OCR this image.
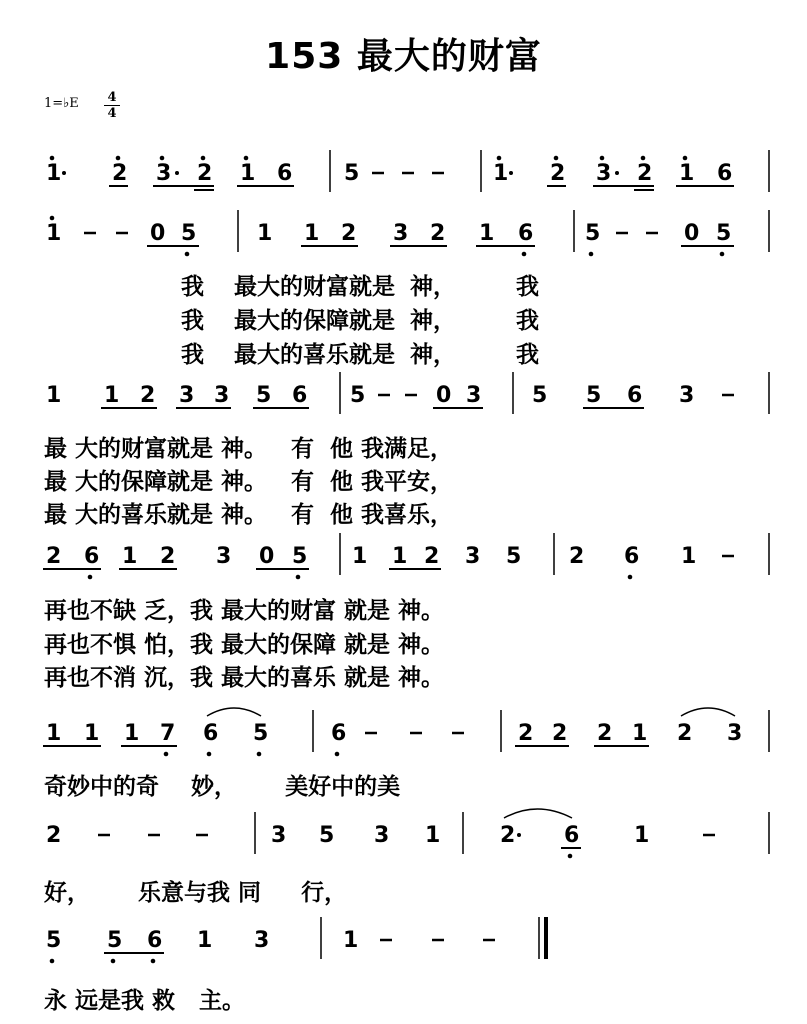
153 最大的财富
1=♭E $\frac{4}{4}$
1 2 3 2 1 6 5	1 2 3 2 1 6
1	0 5	1 1 2 3 2 1 6 5	0 5
1 1 2 3 3 5 6 5	0 3 5 5 6 3
2 6 1 2 3 0 5 1 1 2 3 5 2 6 1
1 1 1 7 6 5	6	2 2 2 1 2 3
2	3 5 3 1	2 6 1
5 5 6 1 3	1
我  最大的财富就是 神，    我
我  最大的保障就是 神，    我
我  最大的喜乐就是 神，    我
最 大的财富就是 神。   有  他 我满足，
最 大的保障就是 神。   有  他 我平安，
最 大的喜乐就是 神。   有  他 我喜乐，
再也不缺 乏，我 最大的财富 就是 神。
再也不惧 怕，我 最大的保障 就是 神。
再也不消 沉，我 最大的喜乐 就是 神。
奇妙中的奇    妙，      美好中的美
好，      乐意与我 同     行，
永 远是我 救   主。
